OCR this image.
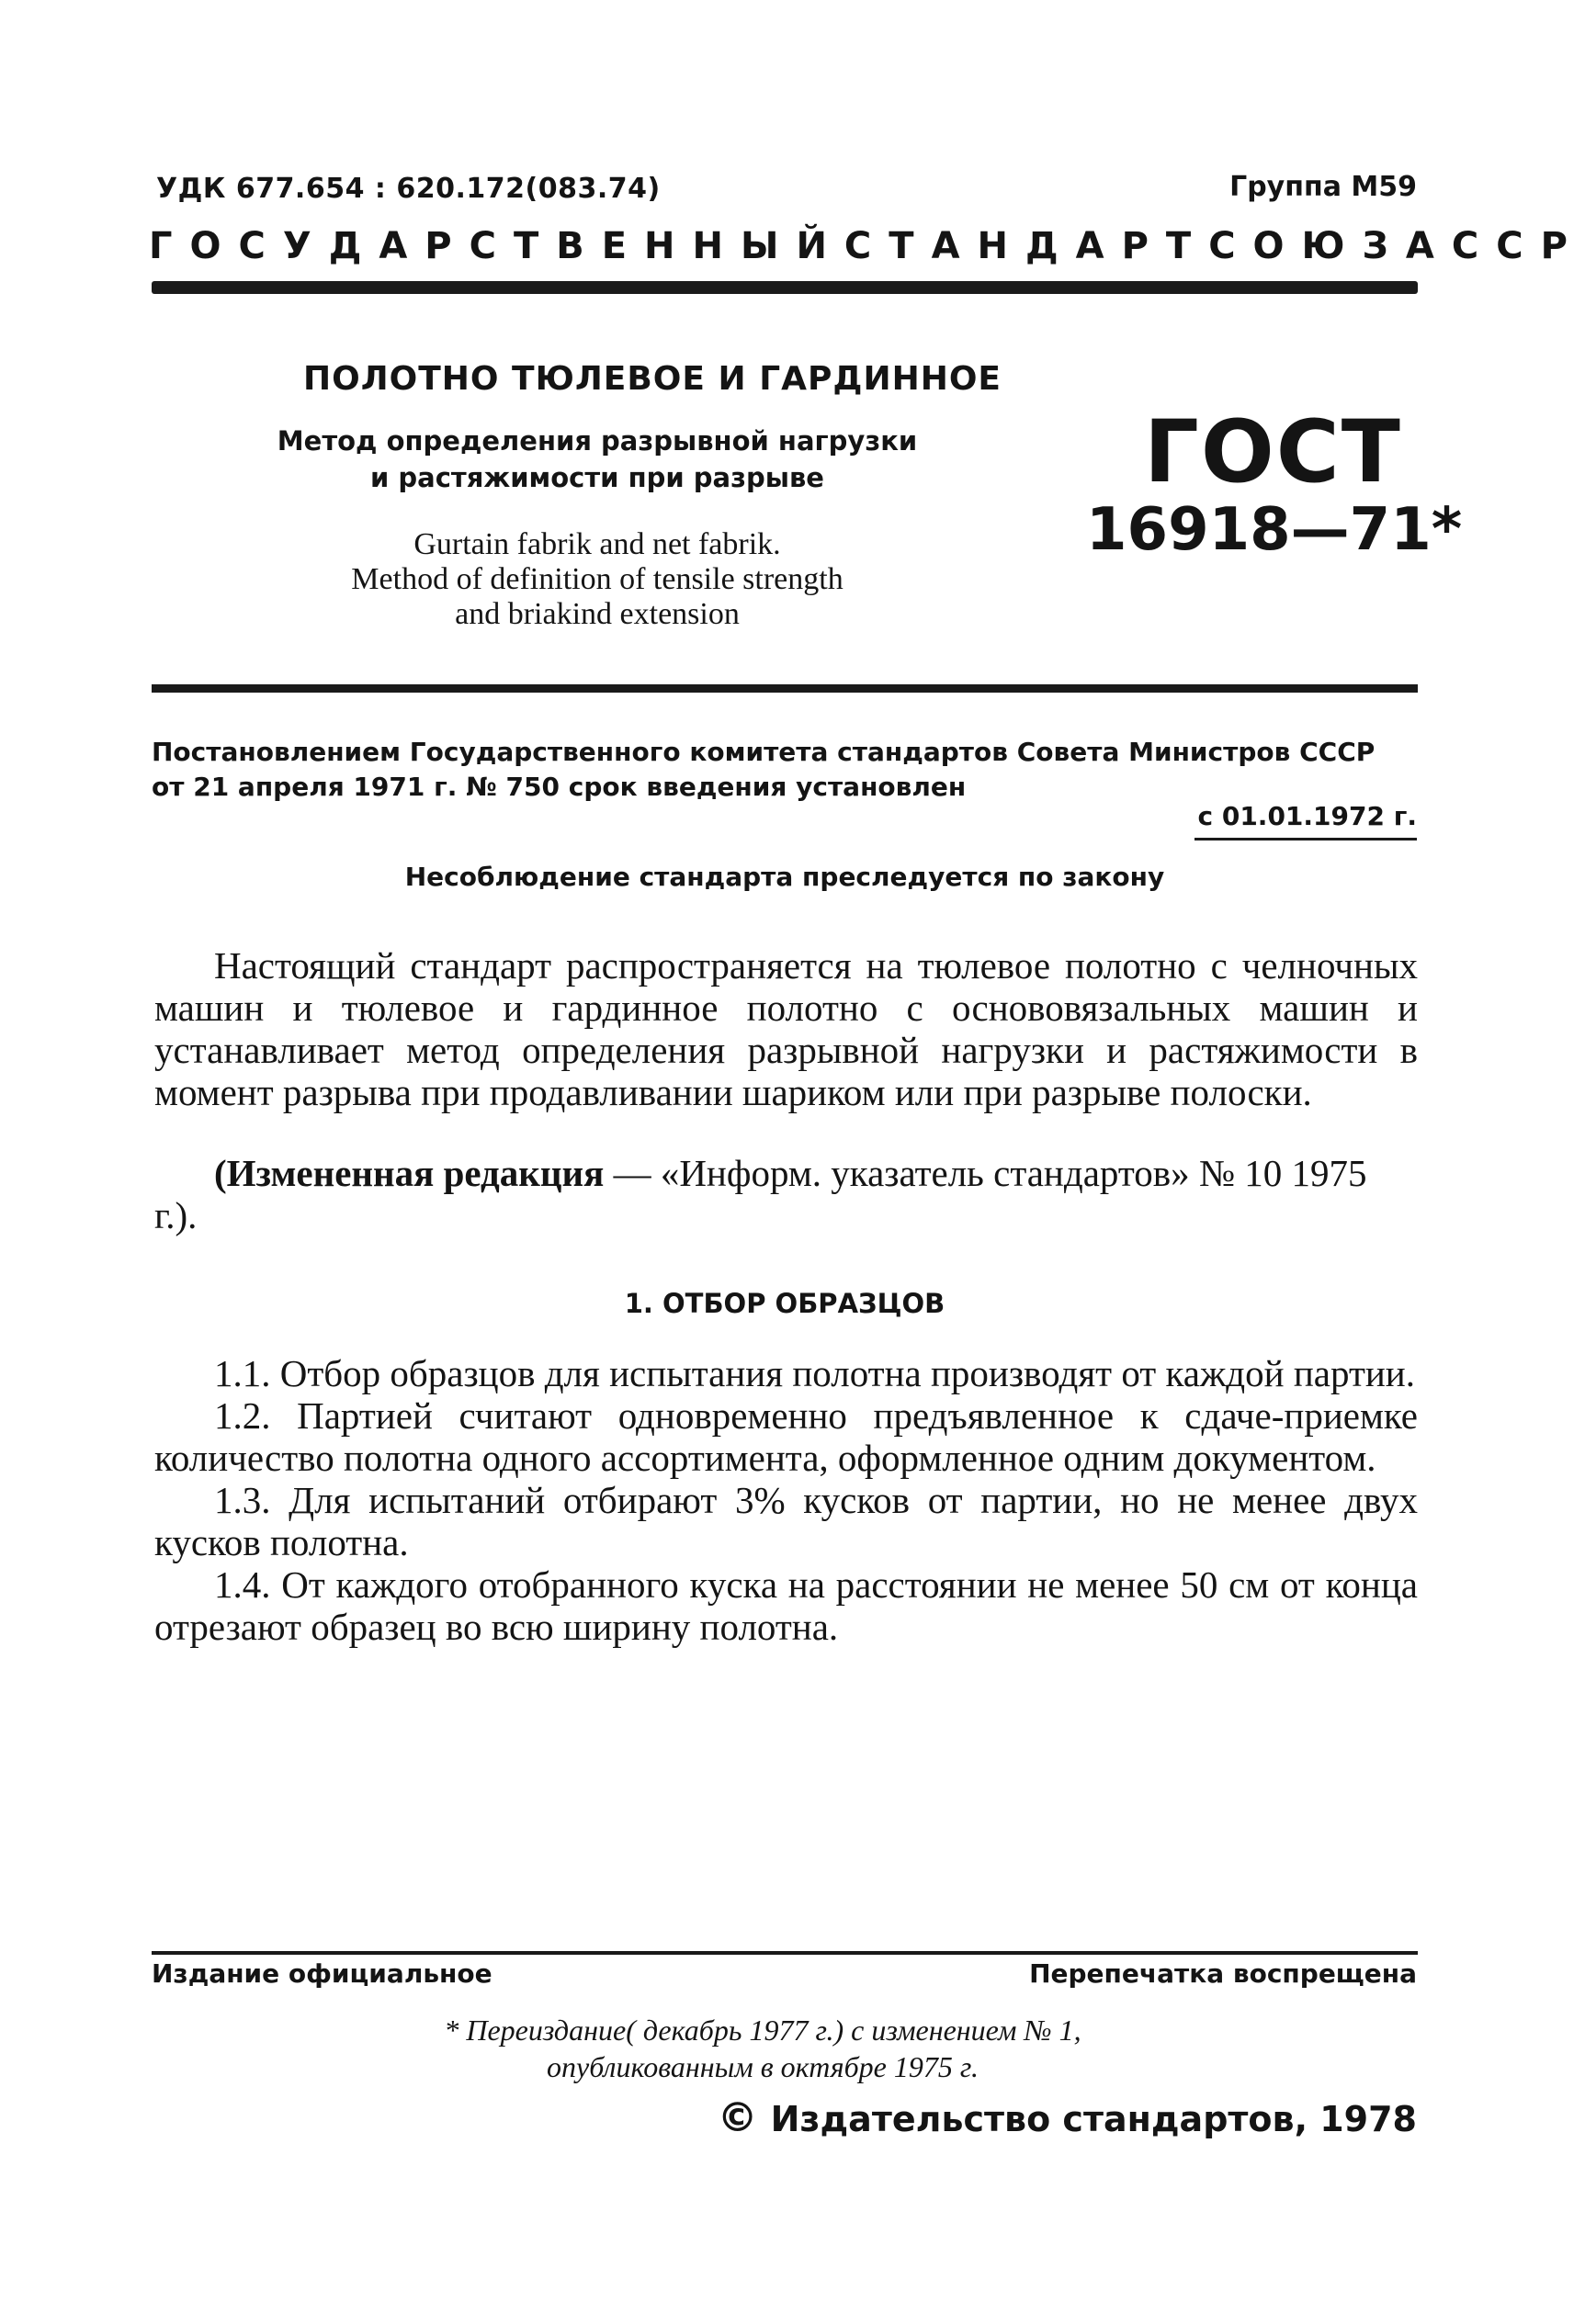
УДК 677.654 : 620.172(083.74)	Группа М59
ГОСУДАРСТВЕННЫЙ СТАНДАРТ СОЮЗА ССР
ПОЛОТНО ТЮЛЕВОЕ И ГАРДИННОЕ
Метод определения разрывной нагрузки
и растяжимости при разрыве
Gurtain fabrik and net fabrik.
Method of definition of tensile strength
and briakind extension
ГОСТ
16918—71*
Постановлением Государственного комитета стандартов Совета Министров СССР
от 21 апреля 1971 г. № 750 срок введения установлен
с 01.01.1972 г.
Несоблюдение стандарта преследуется по закону
Настоящий стандарт распространяется на тюлевое полотно с челночных машин и тюлевое и гардинное полотно с основовязальных машин и устанавливает метод определения разрывной нагрузки и растяжимости в момент разрыва при продавливании шариком или при разрыве полоски.
(Измененная редакция — «Информ. указатель стандартов» № 10 1975 г.).
1. ОТБОР ОБРАЗЦОВ
1.1. Отбор образцов для испытания полотна производят от каждой партии.
1.2. Партией считают одновременно предъявленное к сдаче-приемке количество полотна одного ассортимента, оформленное одним документом.
1.3. Для испытаний отбирают 3% кусков от партии, но не менее двух кусков полотна.
1.4. От каждого отобранного куска на расстоянии не менее 50 см от конца отрезают образец во всю ширину полотна.
Издание официальное	Перепечатка воспрещена
* Переиздание( декабрь 1977 г.) с изменением № 1,
опубликованным в октябре 1975 г.
© Издательство стандартов, 1978
